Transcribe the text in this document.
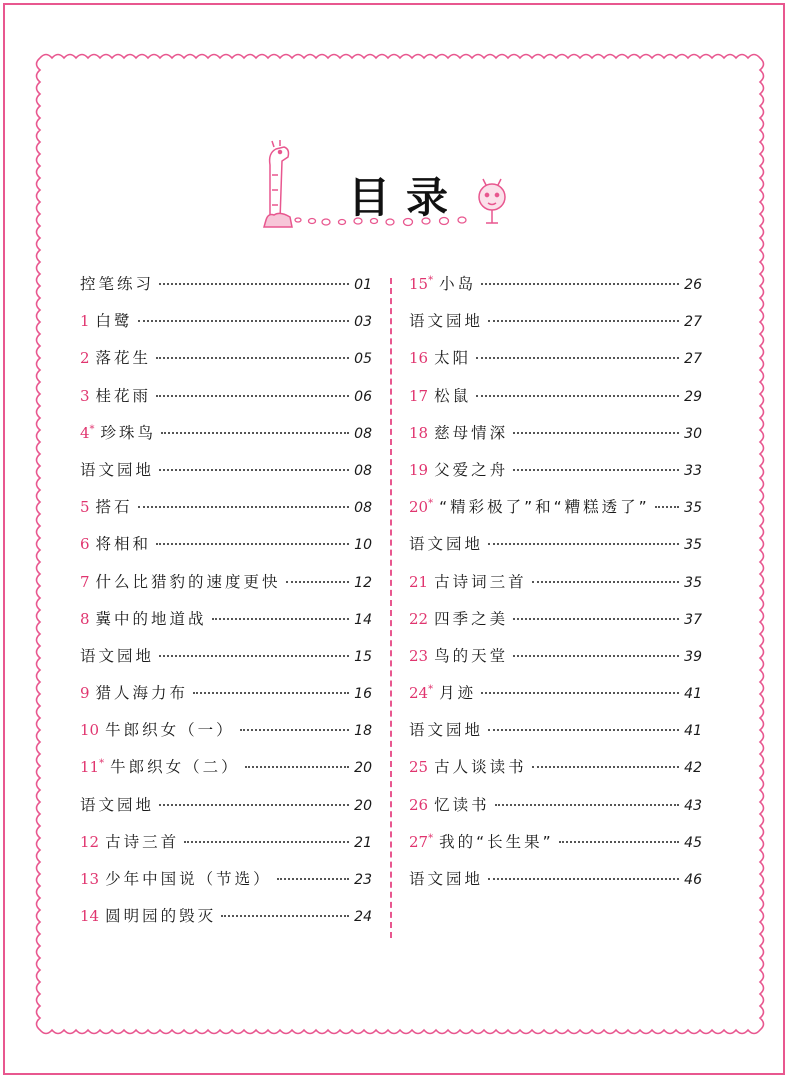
目录
控笔练习	01
1 白鹭	03
2 落花生	05
3 桂花雨	06
4* 珍珠鸟	08
语文园地	08
5 搭石	08
6 将相和	10
7 什么比猎豹的速度更快	12
8 冀中的地道战	14
语文园地	15
9 猎人海力布	16
10 牛郎织女（一）	18
11* 牛郎织女（二）	20
语文园地	20
12 古诗三首	21
13 少年中国说（节选）	23
14 圆明园的毁灭	24
15* 小岛	26
语文园地	27
16 太阳	27
17 松鼠	29
18 慈母情深	30
19 父爱之舟	33
20* “精彩极了”和“糟糕透了” 35
语文园地	35
21 古诗词三首	35
22 四季之美	37
23 鸟的天堂	39
24* 月迹	41
语文园地	41
25 古人谈读书	42
26 忆读书	43
27* 我的“长生果”	45
语文园地	46
